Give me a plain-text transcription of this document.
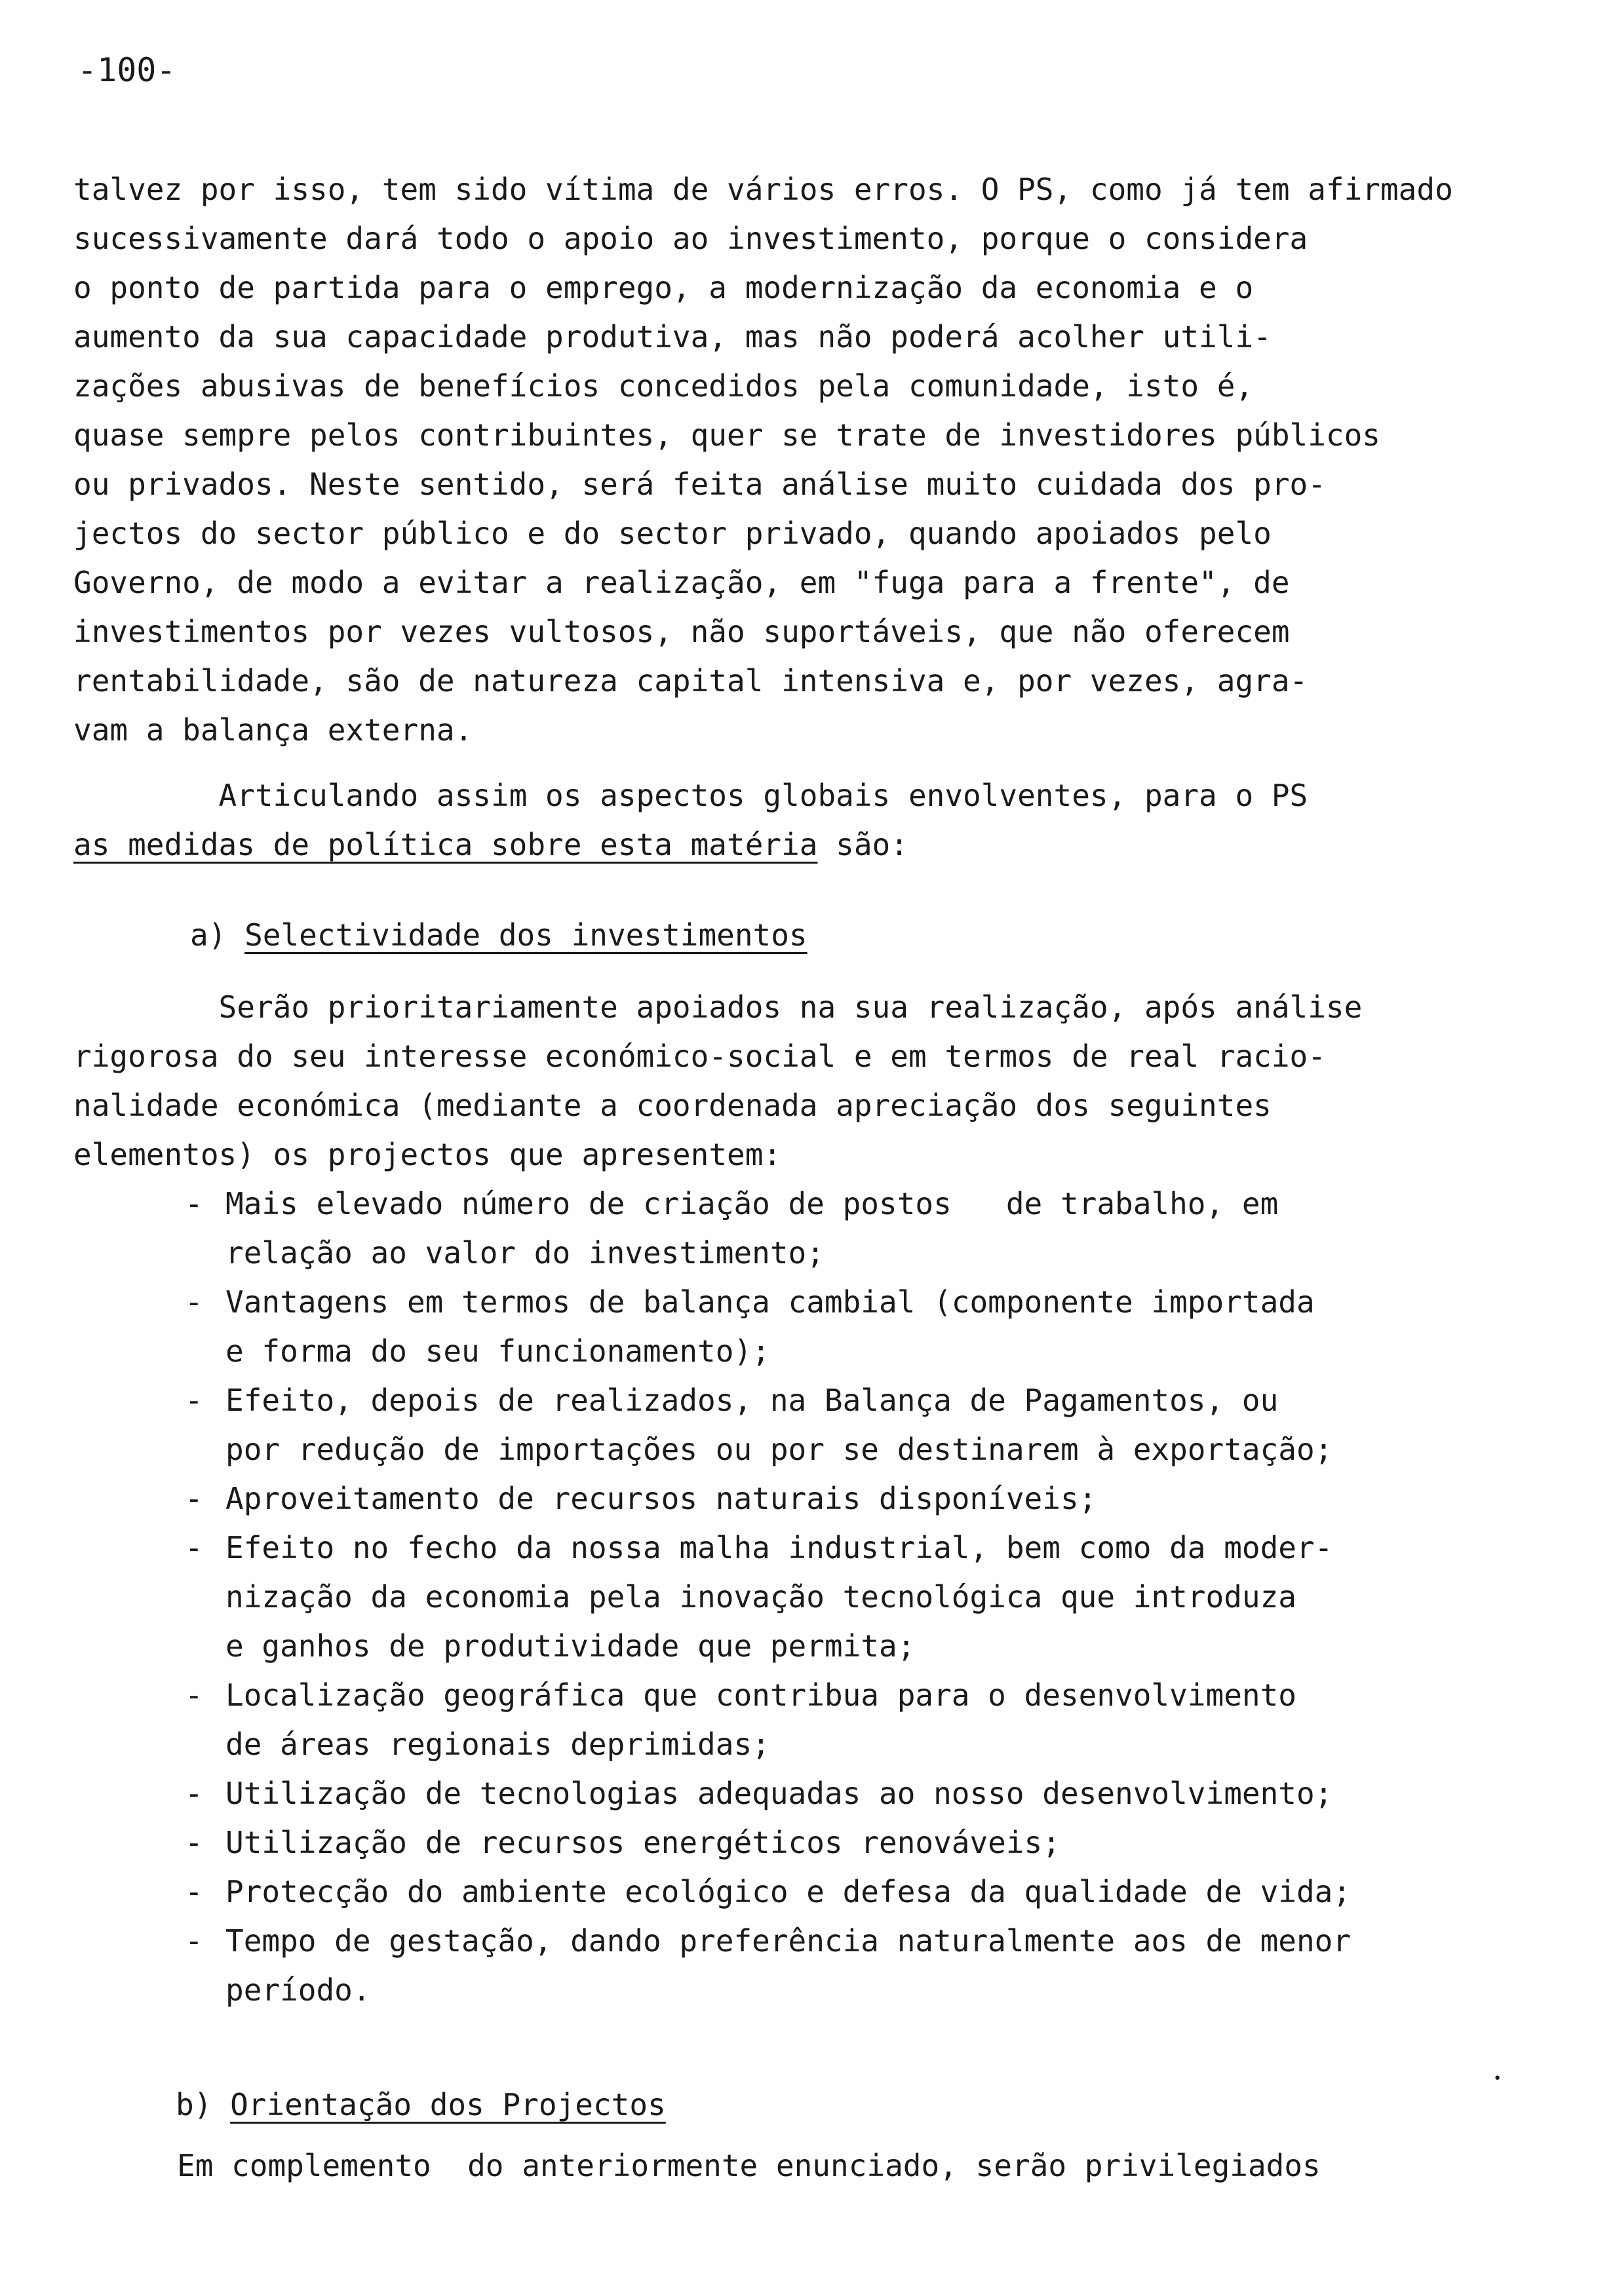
-100-
talvez por isso, tem sido vítima de vários erros. O PS, como já tem afirmado
sucessivamente dará todo o apoio ao investimento, porque o considera
o ponto de partida para o emprego, a modernização da economia e o
aumento da sua capacidade produtiva, mas não poderá acolher utili-
zações abusivas de benefícios concedidos pela comunidade, isto é,
quase sempre pelos contribuintes, quer se trate de investidores públicos
ou privados. Neste sentido, será feita análise muito cuidada dos pro-
jectos do sector público e do sector privado, quando apoiados pelo
Governo, de modo a evitar a realização, em "fuga para a frente", de
investimentos por vezes vultosos, não suportáveis, que não oferecem
rentabilidade, são de natureza capital intensiva e, por vezes, agra-
vam a balança externa.
Articulando assim os aspectos globais envolventes, para o PS
as medidas de política sobre esta matéria são:
a) Selectividade dos investimentos
Serão prioritariamente apoiados na sua realização, após análise
rigorosa do seu interesse económico-social e em termos de real racio-
nalidade económica (mediante a coordenada apreciação dos seguintes
elementos) os projectos que apresentem:
- Mais elevado número de criação de postos   de trabalho, em
relação ao valor do investimento;
- Vantagens em termos de balança cambial (componente importada
e forma do seu funcionamento);
- Efeito, depois de realizados, na Balança de Pagamentos, ou
por redução de importações ou por se destinarem à exportação;
- Aproveitamento de recursos naturais disponíveis;
- Efeito no fecho da nossa malha industrial, bem como da moder-
nização da economia pela inovação tecnológica que introduza
e ganhos de produtividade que permita;
- Localização geográfica que contribua para o desenvolvimento
de áreas regionais deprimidas;
- Utilização de tecnologias adequadas ao nosso desenvolvimento;
- Utilização de recursos energéticos renováveis;
- Protecção do ambiente ecológico e defesa da qualidade de vida;
- Tempo de gestação, dando preferência naturalmente aos de menor
período.
b) Orientação dos Projectos
Em complemento  do anteriormente enunciado, serão privilegiados
•
